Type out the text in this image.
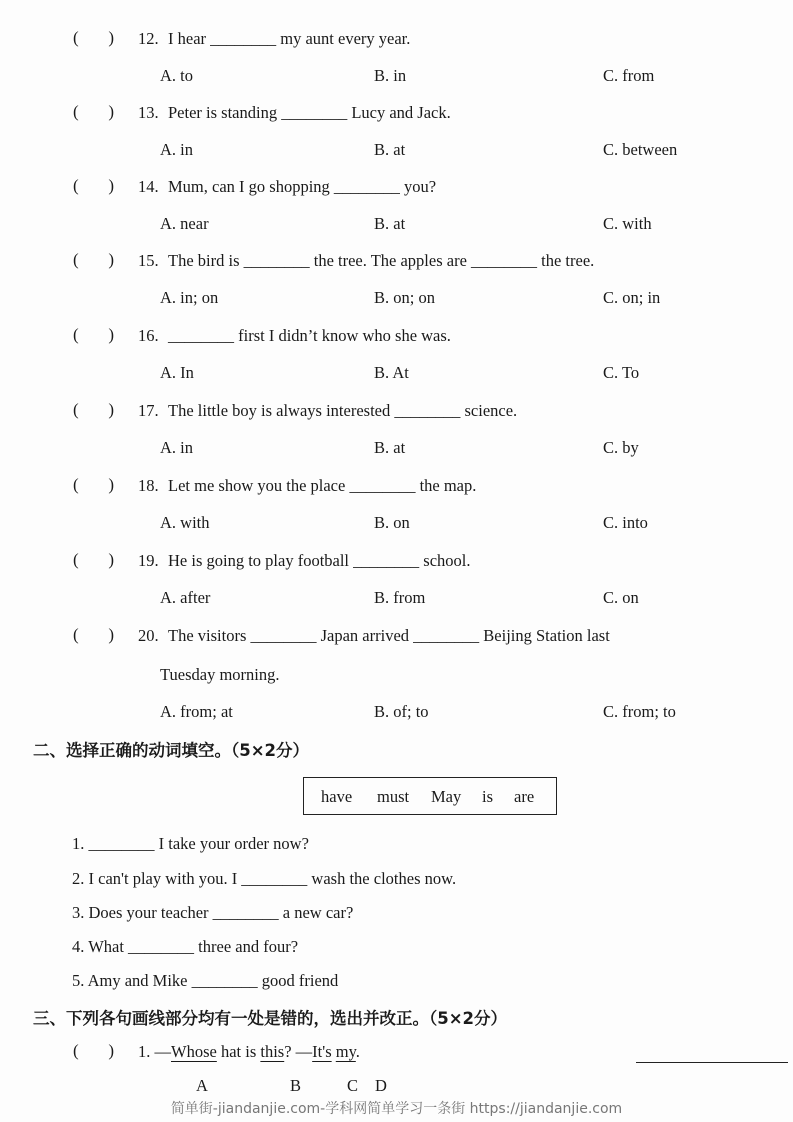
(       ) 12. I hear ________ my aunt every year.
A. to	B. in	C. from
(       ) 13. Peter is standing ________ Lucy and Jack.
A. in	B. at	C. between
(       ) 14. Mum, can I go shopping ________ you?
A. near	B. at	C. with
(       ) 15. The bird is ________ the tree. The apples are ________ the tree.
A. in; on	B. on; on	C. on; in
(       ) 16. ________ first I didn’t know who she was.
A. In	B. At	C. To
(       ) 17. The little boy is always interested ________ science.
A. in	B. at	C. by
(       ) 18. Let me show you the place ________ the map.
A. with	B. on	C. into
(       ) 19. He is going to play football ________ school.
A. after	B. from	C. on
(       ) 20. The visitors ________ Japan arrived ________ Beijing Station last
Tuesday morning.
A. from; at	B. of; to	C. from; to
二、选择正确的动词填空。（5×2分）
have must May is are
1. ________ I take your order now?
2. I can't play with you. I ________ wash the clothes now.
3. Does your teacher ________ a new car?
4. What ________ three and four?
5. Amy and Mike ________ good friend
三、下列各句画线部分均有一处是错的，选出并改正。（5×2分）
(       ) 1. —Whose hat is this? —It's my.
A	B	C D
简单街-jiandanjie.com-学科网简单学习一条街 https://jiandanjie.com
